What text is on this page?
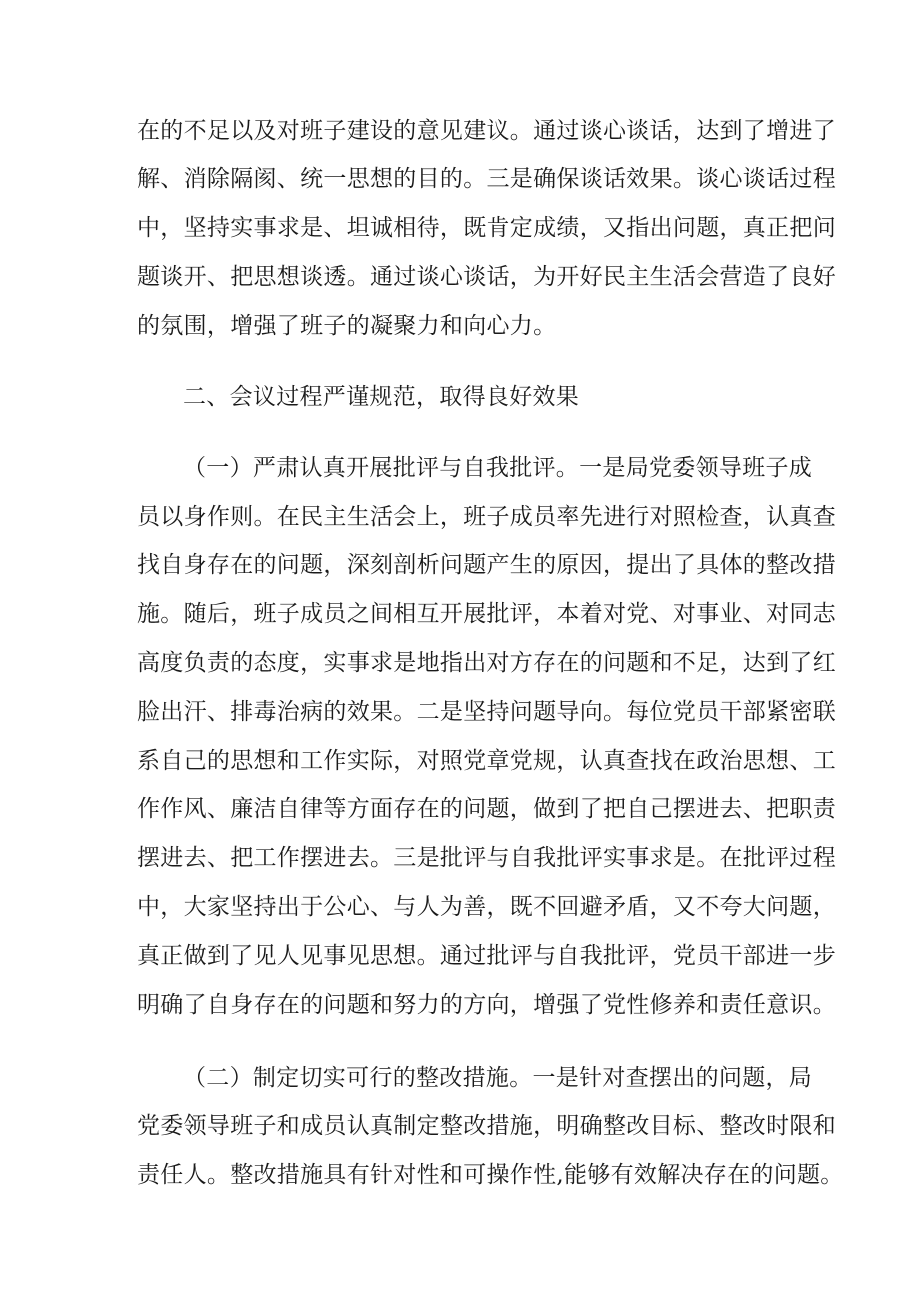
在的不足以及对班子建设的意见建议。通过谈心谈话，达到了增进了
解、消除隔阂、统一思想的目的。三是确保谈话效果。谈心谈话过程
中，坚持实事求是、坦诚相待，既肯定成绩，又指出问题，真正把问
题谈开、把思想谈透。通过谈心谈话，为开好民主生活会营造了良好
的氛围，增强了班子的凝聚力和向心力。
二、会议过程严谨规范，取得良好效果
（一）严肃认真开展批评与自我批评。一是局党委领导班子成
员以身作则。在民主生活会上，班子成员率先进行对照检查，认真查
找自身存在的问题，深刻剖析问题产生的原因，提出了具体的整改措
施。随后，班子成员之间相互开展批评，本着对党、对事业、对同志
高度负责的态度，实事求是地指出对方存在的问题和不足，达到了红
脸出汗、排毒治病的效果。二是坚持问题导向。每位党员干部紧密联
系自己的思想和工作实际，对照党章党规，认真查找在政治思想、工
作作风、廉洁自律等方面存在的问题，做到了把自己摆进去、把职责
摆进去、把工作摆进去。三是批评与自我批评实事求是。在批评过程
中，大家坚持出于公心、与人为善，既不回避矛盾，又不夸大问题，
真正做到了见人见事见思想。通过批评与自我批评，党员干部进一步
明确了自身存在的问题和努力的方向，增强了党性修养和责任意识。
（二）制定切实可行的整改措施。一是针对查摆出的问题，局
党委领导班子和成员认真制定整改措施，明确整改目标、整改时限和
责任人。整改措施具有针对性和可操作性,能够有效解决存在的问题。
